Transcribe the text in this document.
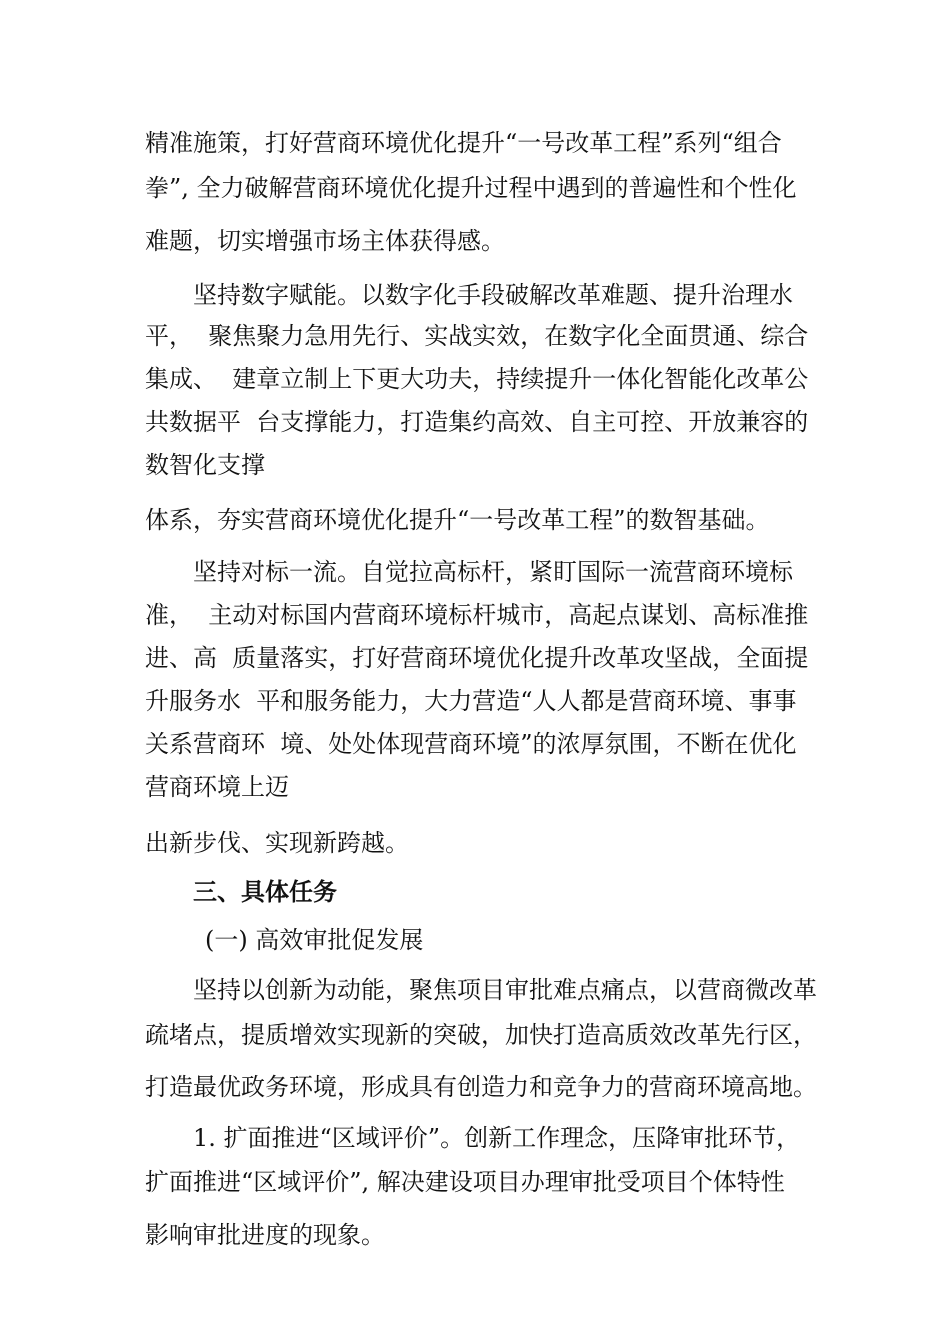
精准施策，打好营商环境优化提升“一号改革工程”系列“组合
拳”, 全力破解营商环境优化提升过程中遇到的普遍性和个性化
难题，切实增强市场主体获得感。
坚持数字赋能。以数字化手段破解改革难题、提升治理水
平，  聚焦聚力急用先行、实战实效，在数字化全面贯通、综合
集成、  建章立制上下更大功夫，持续提升一体化智能化改革公
共数据平  台支撑能力，打造集约高效、自主可控、开放兼容的
数智化支撑
体系，夯实营商环境优化提升“一号改革工程”的数智基础。
坚持对标一流。自觉拉高标杆，紧盯国际一流营商环境标
准，  主动对标国内营商环境标杆城市，高起点谋划、高标准推
进、高  质量落实，打好营商环境优化提升改革攻坚战，全面提
升服务水  平和服务能力，大力营造“人人都是营商环境、事事
关系营商环  境、处处体现营商环境”的浓厚氛围，不断在优化
营商环境上迈
出新步伐、实现新跨越。
三、具体任务
(一) 高效审批促发展
坚持以创新为动能，聚焦项目审批难点痛点，以营商微改革
疏堵点，提质增效实现新的突破，加快打造高质效改革先行区，
打造最优政务环境，形成具有创造力和竞争力的营商环境高地。
1. 扩面推进“区域评价”。创新工作理念，压降审批环节，
扩面推进“区域评价”, 解决建设项目办理审批受项目个体特性
影响审批进度的现象。
